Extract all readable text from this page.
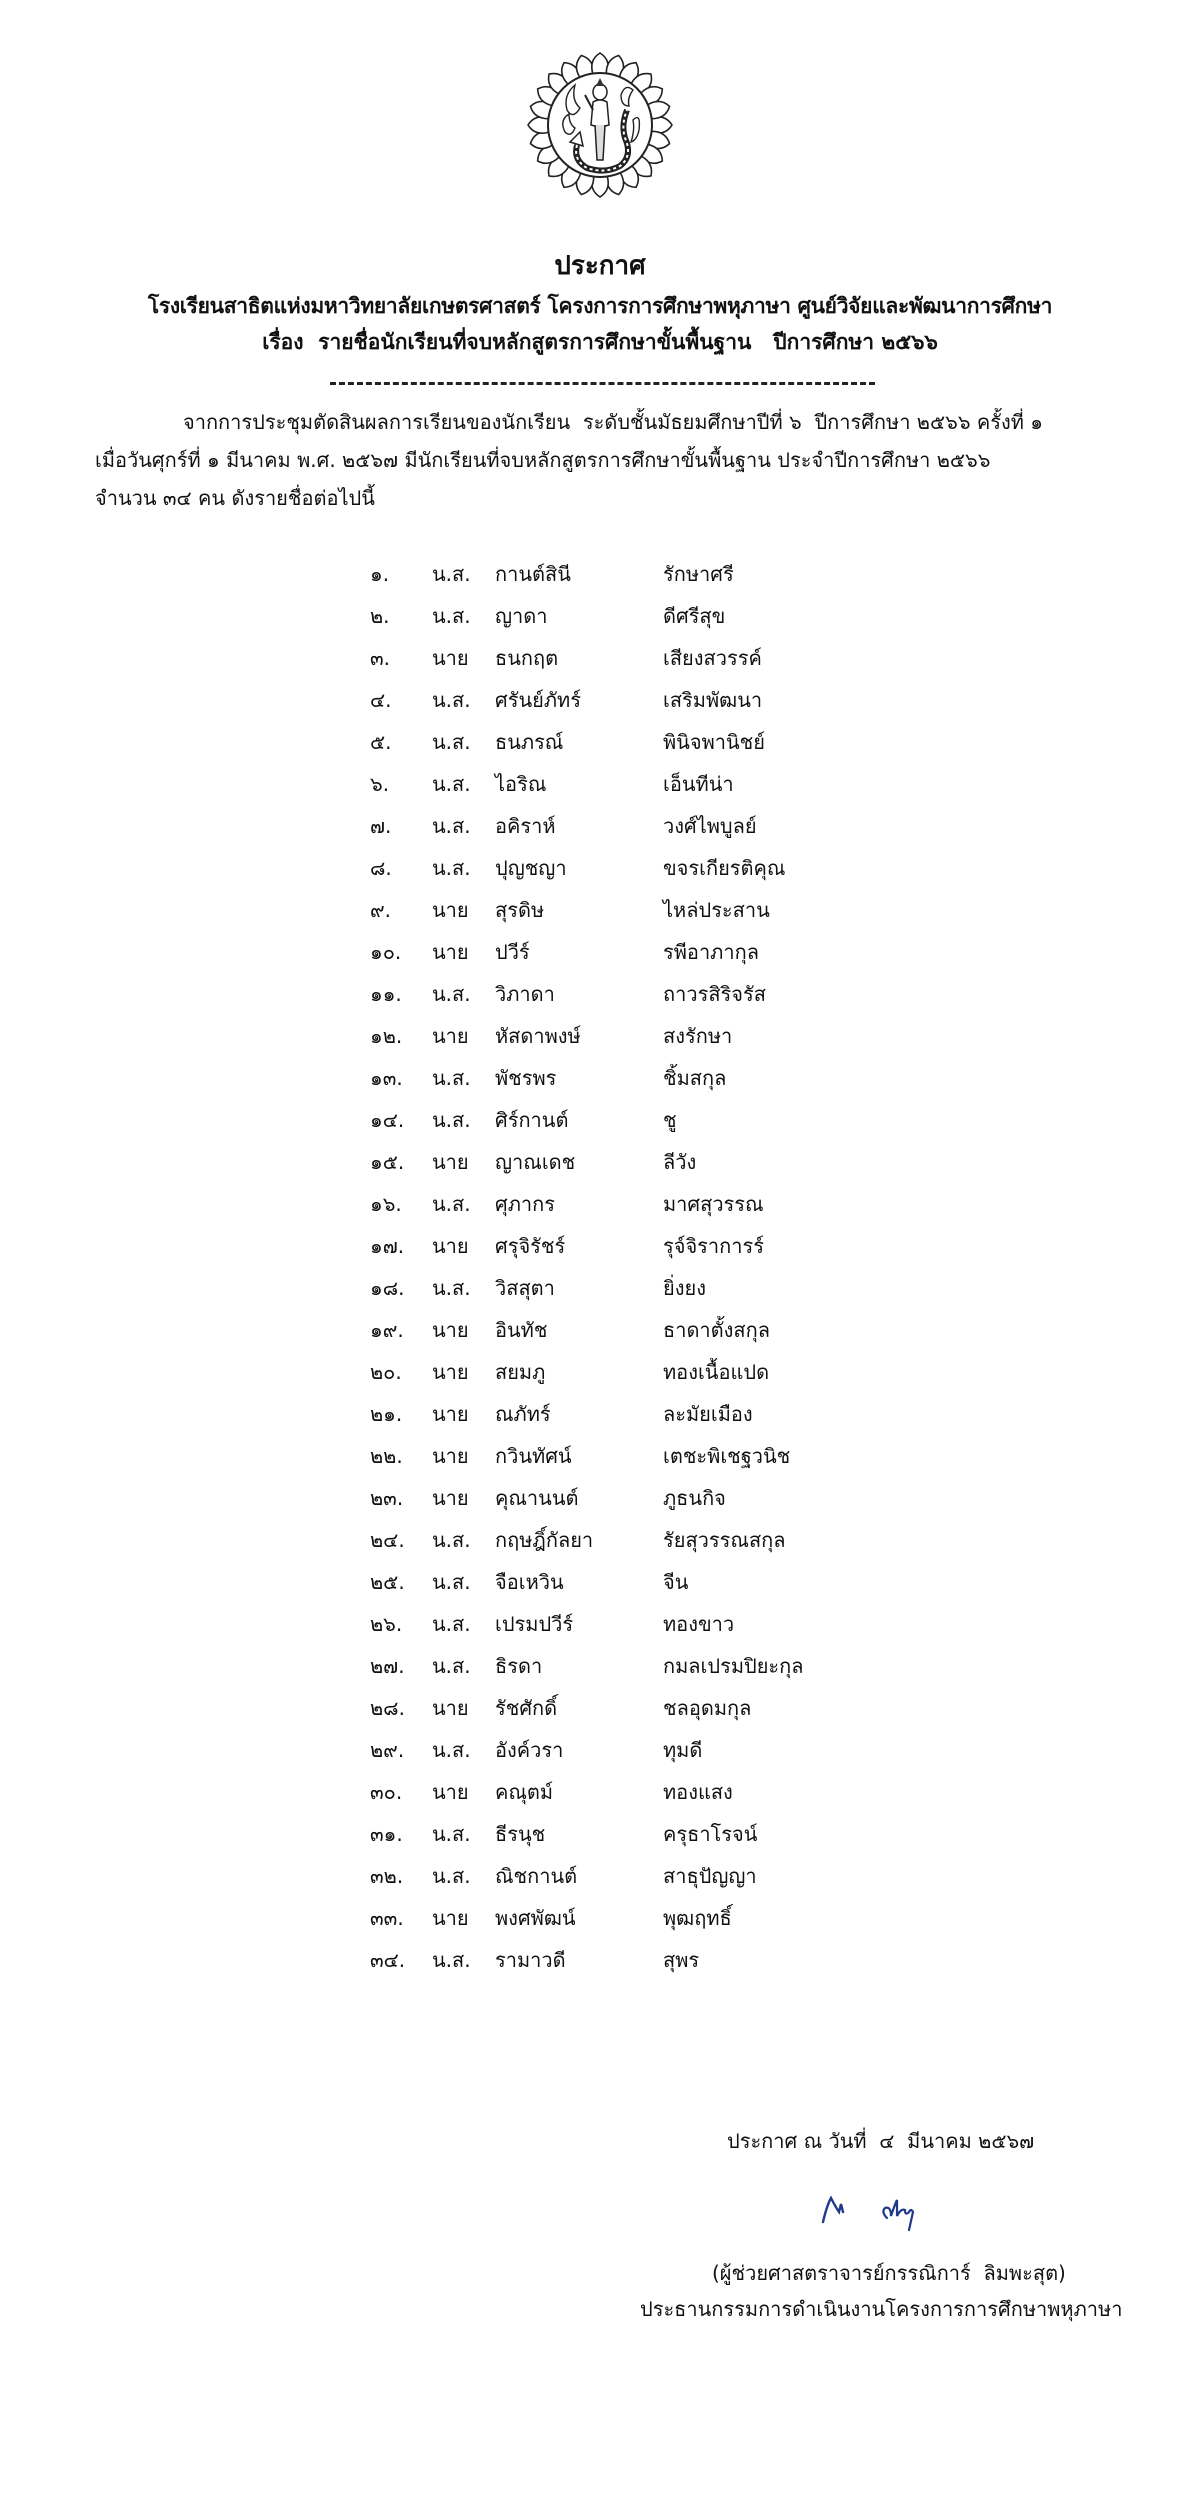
ประกาศ
โรงเรียนสาธิตแห่งมหาวิทยาลัยเกษตรศาสตร์ โครงการการศึกษาพหุภาษา ศูนย์วิจัยและพัฒนาการศึกษา
เรื่อง  รายชื่อนักเรียนที่จบหลักสูตรการศึกษาขั้นพื้นฐาน   ปีการศึกษา ๒๕๖๖
จากการประชุมตัดสินผลการเรียนของนักเรียน  ระดับชั้นมัธยมศึกษาปีที่ ๖  ปีการศึกษา ๒๕๖๖ ครั้งที่ ๑
เมื่อวันศุกร์ที่ ๑ มีนาคม พ.ศ. ๒๕๖๗ มีนักเรียนที่จบหลักสูตรการศึกษาขั้นพื้นฐาน ประจำปีการศึกษา ๒๕๖๖
จำนวน ๓๔ คน ดังรายชื่อต่อไปนี้
๑. น.ส. กานต์สินี	รักษาศรี
๒. น.ส. ญาดา	ดีศรีสุข
๓. นาย ธนกฤต	เสียงสวรรค์
๔. น.ส. ศรันย์ภัทร์	เสริมพัฒนา
๕. น.ส. ธนภรณ์	พินิจพานิชย์
๖. น.ส. ไอริณ	เอ็นทีน่า
๗. น.ส. อคิราห์	วงศ์ไพบูลย์
๘. น.ส. ปุญชญา	ขจรเกียรติคุณ
๙. นาย สุรดิษ	ไหล่ประสาน
๑๐. นาย ปวีร์	รพีอาภากุล
๑๑. น.ส. วิภาดา	ถาวรสิริจรัส
๑๒. นาย หัสดาพงษ์	สงรักษา
๑๓. น.ส. พัชรพร	ชิ้มสกุล
๑๔. น.ส. ศิร์กานต์	ชู
๑๕. นาย ญาณเดช	ลีวัง
๑๖. น.ส. ศุภากร	มาศสุวรรณ
๑๗. นาย ศรุจิรัชร์	รุจ์จิราการร์
๑๘. น.ส. วิสสุตา	ยิ่งยง
๑๙. นาย อินทัช	ธาดาตั้งสกุล
๒๐. นาย สยมภู	ทองเนื้อแปด
๒๑. นาย ณภัทร์	ละมัยเมือง
๒๒. นาย กวินทัศน์	เตชะพิเชฐวนิช
๒๓. นาย คุณานนต์	ภูธนกิจ
๒๔. น.ส. กฤษฎิ์กัลยา	รัยสุวรรณสกุล
๒๕. น.ส. จือเหวิน	จีน
๒๖. น.ส. เปรมปวีร์	ทองขาว
๒๗. น.ส. ธิรดา	กมลเปรมปิยะกุล
๒๘. นาย รัชศักดิ์	ชลอุดมกุล
๒๙. น.ส. อังค์วรา	ทุมดี
๓๐. นาย คณุตม์	ทองแสง
๓๑. น.ส. ธีรนุช	ครุธาโรจน์
๓๒. น.ส. ณิชกานต์	สาธุปัญญา
๓๓. นาย พงศพัฒน์	พุฒฤทธิ์
๓๔. น.ส. รามาวดี	สุพร
ประกาศ ณ วันที่  ๔  มีนาคม ๒๕๖๗
(ผู้ช่วยศาสตราจารย์กรรณิการ์  ลิมพะสุต)
ประธานกรรมการดำเนินงานโครงการการศึกษาพหุภาษา
